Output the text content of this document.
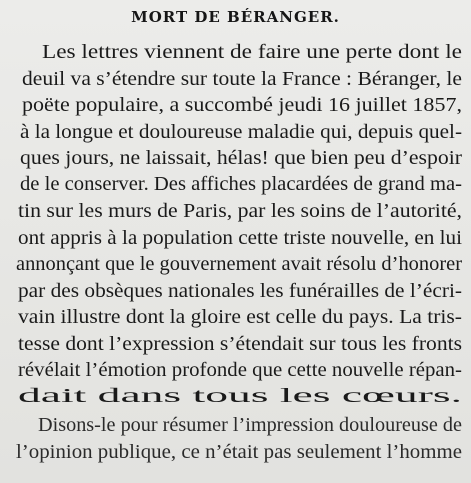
MORT DE BÉRANGER.
Les lettres viennent de faire une perte dont le
deuil va s’étendre sur toute la France : Béranger, le
poëte populaire, a succombé jeudi 16 juillet 1857,
à la longue et douloureuse maladie qui, depuis quel-
ques jours, ne laissait, hélas! que bien peu d’espoir
de le conserver. Des affiches placardées de grand ma-
tin sur les murs de Paris, par les soins de l’autorité,
ont appris à la population cette triste nouvelle, en lui
annonçant que le gouvernement avait résolu d’honorer
par des obsèques nationales les funérailles de l’écri-
vain illustre dont la gloire est celle du pays. La tris-
tesse dont l’expression s’étendait sur tous les fronts
révélait l’émotion profonde que cette nouvelle répan-
dait dans tous les cœurs.
Disons-le pour résumer l’impression douloureuse de
l’opinion publique, ce n’était pas seulement l’homme
